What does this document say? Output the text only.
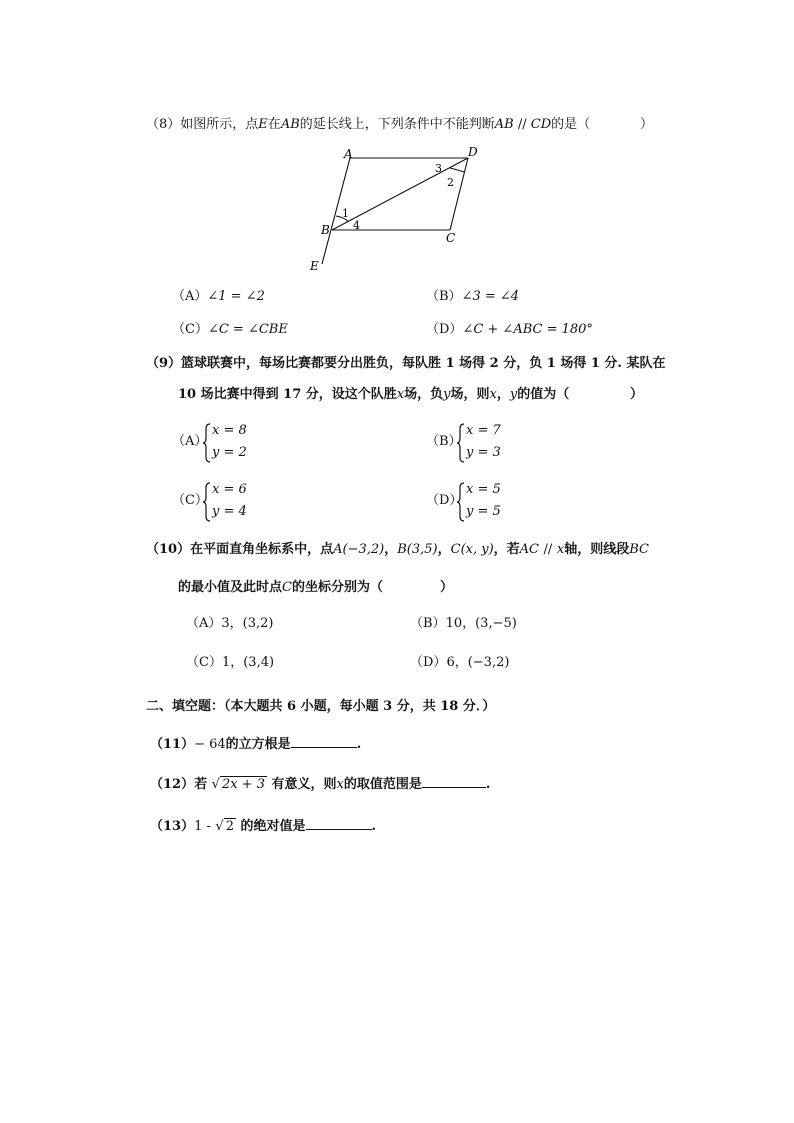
（8）如图所示，点E在AB的延长线上，下列条件中不能判断AB // CD的是（	）
A	D
B
C
E
1
4
3
2
（A）∠1 = ∠2	（B）∠3 = ∠4
（C）∠C = ∠CBE	（D）∠C + ∠ABC = 180°
（9）篮球联赛中，每场比赛都要分出胜负，每队胜 1 场得 2 分，负 1 场得 1 分. 某队在
10 场比赛中得到 17 分，设这个队胜x场，负y场，则x，y的值为（	）
（A）
x = 8
y = 2
（B）
x = 7
y = 3
（C）
x = 6
y = 4
（D）
x = 5
y = 5
（10）在平面直角坐标系中，点A(−3,2)，B(3,5)，C(x, y)，若AC // x轴，则线段BC
的最小值及此时点C的坐标分别为（	）
（A）3，(3,2)	（B）10，(3,−5)
（C）1，(3,4)	（D）6，(−3,2)
二、填空题：（本大题共 6 小题，每小题 3 分，共 18 分．）
（11）− 64的立方根是	.
（12）若 √ 2x + 3 有意义，则x的取值范围是	.
（13）1 - √ 2 的绝对值是	.
